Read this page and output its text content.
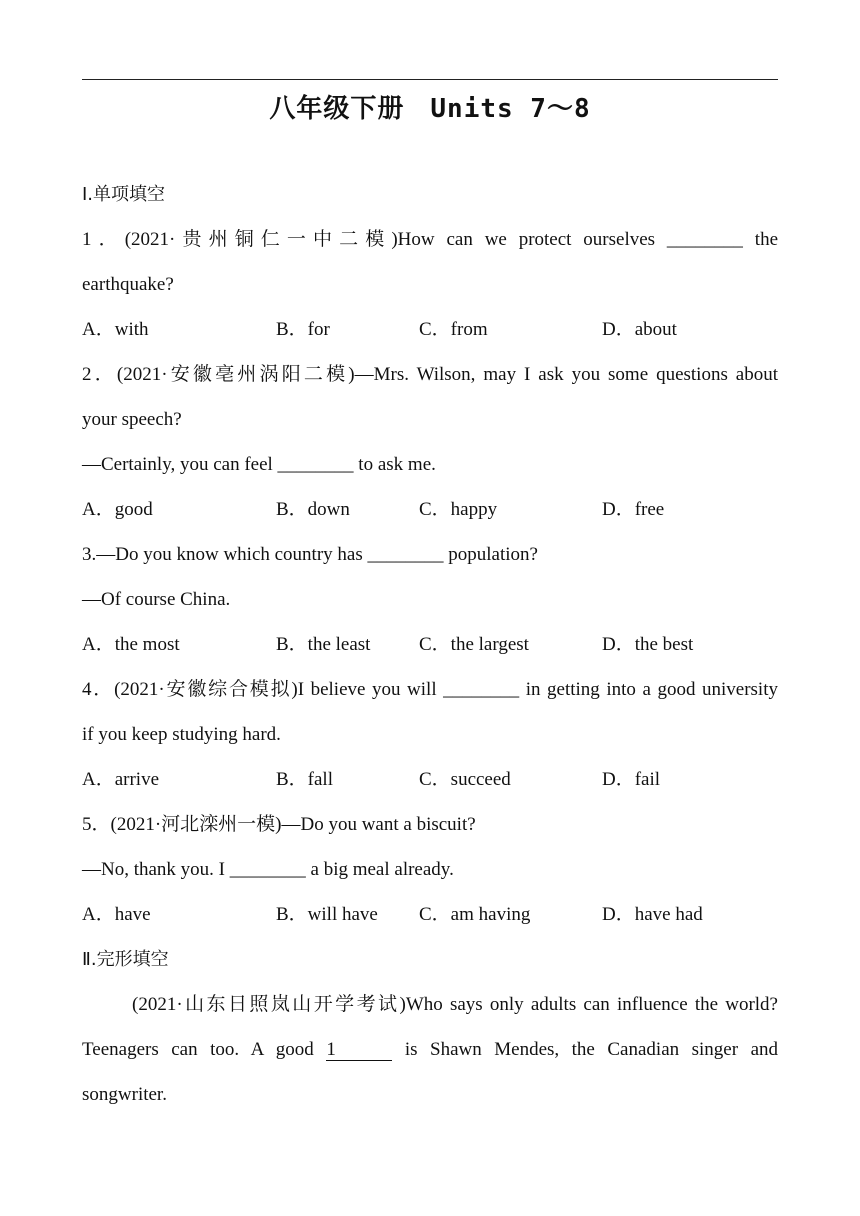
八年级下册 Units 7～8
Ⅰ.单项填空
1．(2021·贵州铜仁一中二模)How can we protect ourselves ________ the
earthquake?
A．with	B．for	C．from	D．about
2．(2021·安徽亳州涡阳二模)—Mrs. Wilson, may I ask you some questions about
your speech?
—Certainly, you can feel ________ to ask me.
A．good	B．down	C．happy	D．free
3.—Do you know which country has ________ population?
—Of course China.
A．the most	B．the least	C．the largest	D．the best
4．(2021·安徽综合模拟)I believe you will ________ in getting into a good university
if you keep studying hard.
A．arrive	B．fall	C．succeed	D．fail
5．(2021·河北滦州一模)—Do you want a biscuit?
—No, thank you. I ________ a big meal already.
A．have	B．will have C．am having	D．have had
Ⅱ.完形填空
(2021·山东日照岚山开学考试)Who says only adults can influence the world?
Teenagers can too. A good 1	is Shawn Mendes, the Canadian singer and
songwriter.
